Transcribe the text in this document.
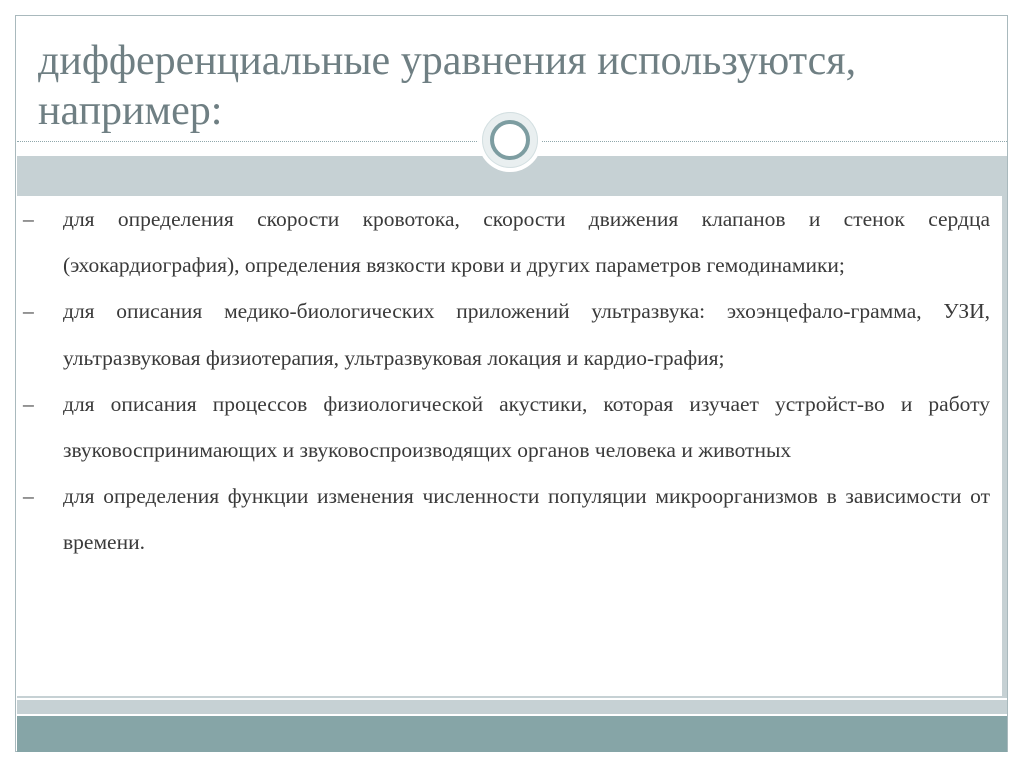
дифференциальные уравнения используются, например:
– для определения скорости кровотока, скорости движения клапанов и стенок сердца (эхокардиография), определения вязкости крови и других параметров гемодинамики;
– для описания медико-биологических приложений ультразвука: эхоэнцефало-грамма, УЗИ, ультразвуковая физиотерапия, ультразвуковая локация и кардио-графия;
– для описания процессов физиологической акустики, которая изучает устройст-во и работу звуковоспринимающих и звуковоспроизводящих органов человека и животных
– для определения функции изменения численности популяции микроорганизмов в зависимости от времени.
